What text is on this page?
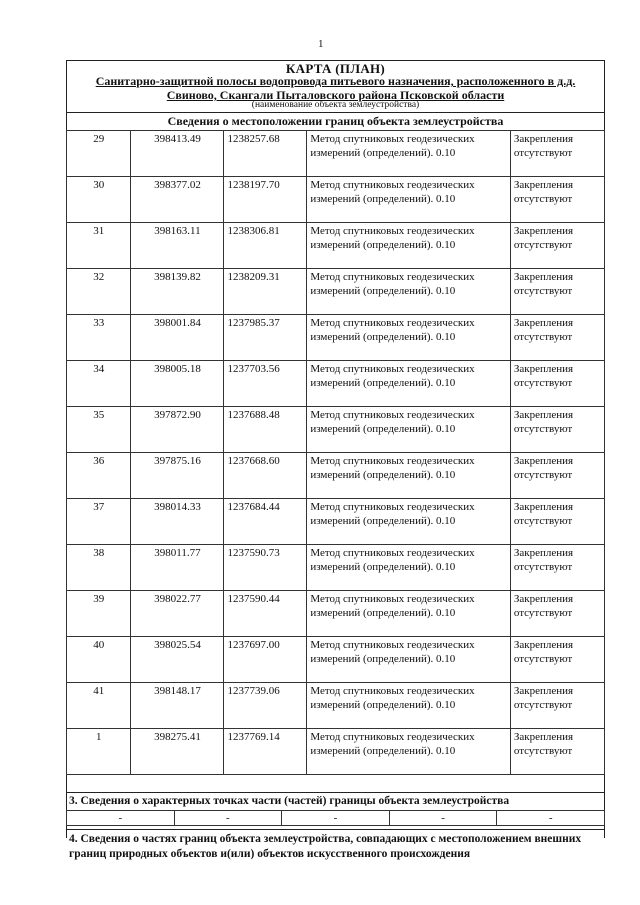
1
КАРТА (ПЛАН)
Санитарно-защитной полосы водопровода питьевого назначения, расположенного в д.д.
Свиново, Скангали Пыталовского района Псковской области
(наименование объекта землеустройства)
Сведения о местоположении границ объекта землеустройства
29	398413.49	1238257.68	Метод спутниковых геодезических измерений (определений). 0.10	Закрепления отсутствуют
30	398377.02	1238197.70	Метод спутниковых геодезических измерений (определений). 0.10	Закрепления отсутствуют
31	398163.11	1238306.81	Метод спутниковых геодезических измерений (определений). 0.10	Закрепления отсутствуют
32	398139.82	1238209.31	Метод спутниковых геодезических измерений (определений). 0.10	Закрепления отсутствуют
33	398001.84	1237985.37	Метод спутниковых геодезических измерений (определений). 0.10	Закрепления отсутствуют
34	398005.18	1237703.56	Метод спутниковых геодезических измерений (определений). 0.10	Закрепления отсутствуют
35	397872.90	1237688.48	Метод спутниковых геодезических измерений (определений). 0.10	Закрепления отсутствуют
36	397875.16	1237668.60	Метод спутниковых геодезических измерений (определений). 0.10	Закрепления отсутствуют
37	398014.33	1237684.44	Метод спутниковых геодезических измерений (определений). 0.10	Закрепления отсутствуют
38	398011.77	1237590.73	Метод спутниковых геодезических измерений (определений). 0.10	Закрепления отсутствуют
39	398022.77	1237590.44	Метод спутниковых геодезических измерений (определений). 0.10	Закрепления отсутствуют
40	398025.54	1237697.00	Метод спутниковых геодезических измерений (определений). 0.10	Закрепления отсутствуют
41	398148.17	1237739.06	Метод спутниковых геодезических измерений (определений). 0.10	Закрепления отсутствуют
1	398275.41	1237769.14	Метод спутниковых геодезических измерений (определений). 0.10	Закрепления отсутствуют
3. Сведения о характерных точках части (частей) границы объекта землеустройства
-	-	-	-	-
4. Сведения о частях границ объекта землеустройства, совпадающих с местоположением внешних границ природных объектов и(или) объектов искусственного происхождения
